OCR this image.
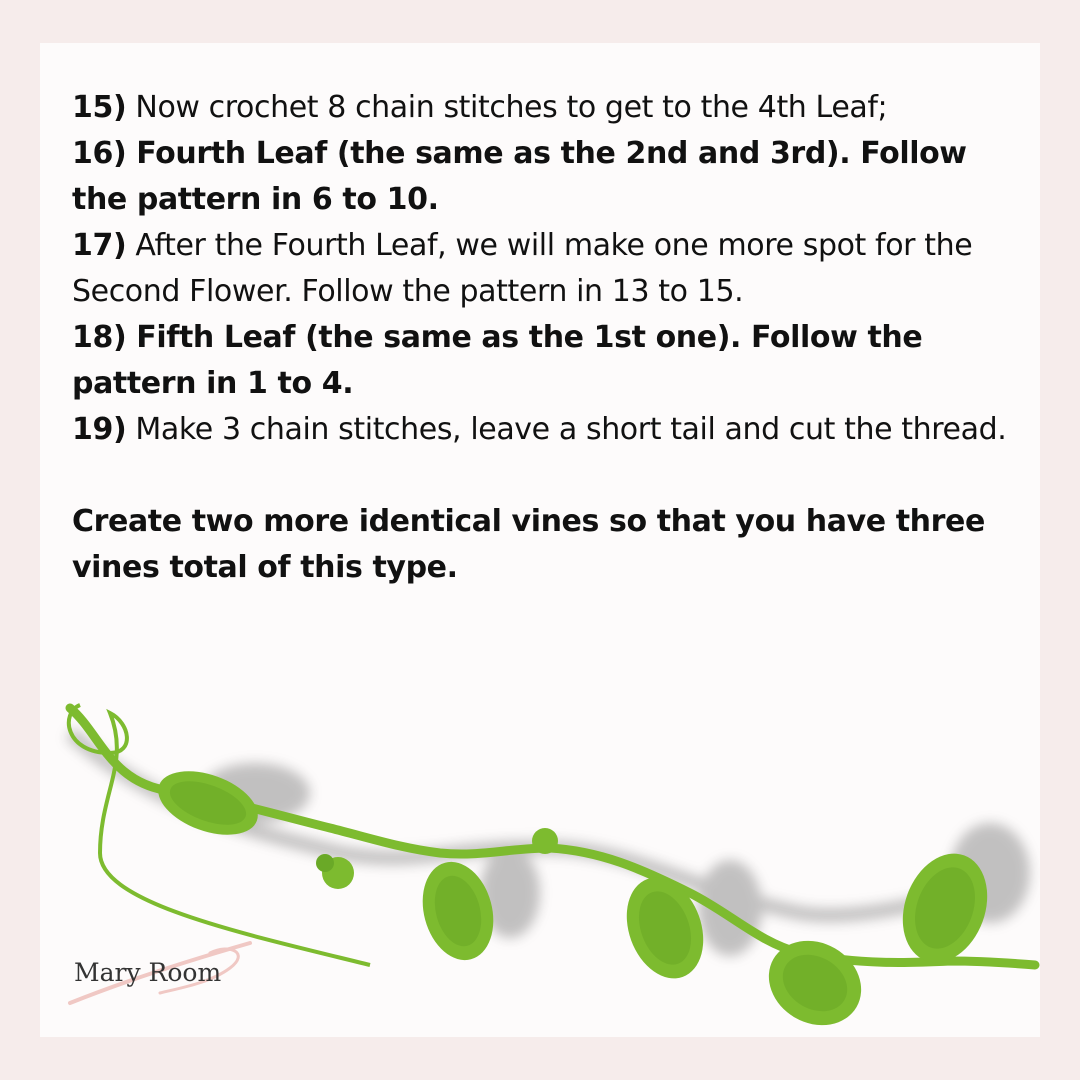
15) Now crochet 8 chain stitches to get to the 4th Leaf;

16) Fourth Leaf (the same as the 2nd and 3rd). Follow the pattern in 6 to 10.

17) After the Fourth Leaf, we will make one more spot for the Second Flower. Follow the pattern in 13 to 15.

18) Fifth Leaf (the same as the 1st one). Follow the pattern in 1 to 4.

19) Make 3 chain stitches, leave a short tail and cut the thread.

Create two more identical vines so that you have three vines total of this type.

Mary Room
